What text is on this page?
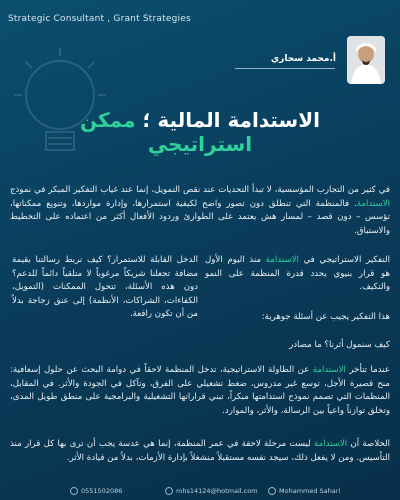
Strategic Consultant , Grant Strategies
أ.محمد سحاري
الاستدامة المالية ؛ ممكن استراتيجي
في كثير من التجارب المؤسسية، لا تبدأ التحديات عند نقص التمويل، إنما عند غياب التفكير المبكر في نموذج الاستدامة. فالمنظمة التي تنطلق دون تصور واضح لكيفية استمرارها، وإدارة مواردها، وتنويع ممكناتها، تؤسس – دون قصد – لمسار هش يعتمد على الطوارئ وردود الأفعال أكثر من اعتماده على التخطيط والاستباق.
التفكير الاستراتيجي في الاستدامة منذ اليوم الأول هو قرار بنيوي يحدد قدرة المنظمة على النمو والتكيف.
هذا التفكير يجيب عن أسئلة جوهرية:
كيف سنمول أثرنا؟ ما مصادر
الدخل القابلة للاستمرار؟ كيف نربط رسالتنا بقيمة مضافة تجعلنا شريكاً مرغوباً لا متلقياً دائماً للدعم؟ دون هذه الأسئلة، تتحول الممكنات (التمويل، الكفاءات، الشراكات، الأنظمة) إلى عنق زجاجة بدلاً من أن تكون رافعة.
عندما تتأخر الاستدامة عن الطاولة الاستراتيجية، تدخل المنظمة لاحقاً في دوامة البحث عن حلول إسعافية: منح قصيرة الأجل، توسع غير مدروس، ضغط تشغيلي على الفرق، وتآكل في الجودة والأثر. في المقابل، المنظمات التي تصمم نموذج استدامتها مبكراً، تبني قراراتها التشغيلية والبرامجية على منطق طويل المدى، وتخلق توازناً واعياً بين الرسالة، والأثر، والموارد.
الخلاصة أن الاستدامة ليست مرحلة لاحقة في عمر المنظمة، إنما هي عدسة يجب أن ترى بها كل قرار منذ التأسيس. ومن لا يفعل ذلك، سيجد نفسه مستقبلاً منشغلاً بإدارة الأزمات، بدلاً من قيادة الأثر.
0551502086	mhs14124@hotmail.com	Mohammed Sahari
